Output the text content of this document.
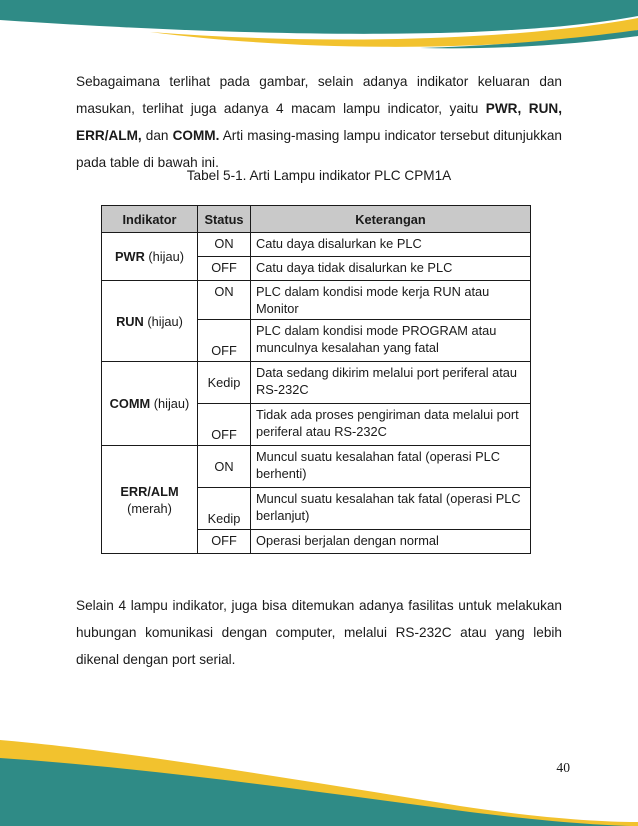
Sebagaimana terlihat pada gambar, selain adanya indikator keluaran dan masukan, terlihat juga adanya 4 macam lampu indicator, yaitu PWR, RUN, ERR/ALM, dan COMM. Arti masing-masing lampu indicator tersebut ditunjukkan pada table di bawah ini.

Tabel 5-1. Arti Lampu indikator PLC CPM1A

Indikator	Status	Keterangan
PWR (hijau)	ON	Catu daya disalurkan ke PLC
	OFF	Catu daya tidak disalurkan ke PLC
RUN (hijau)	ON	PLC dalam kondisi mode kerja RUN atau Monitor
	OFF	PLC dalam kondisi mode PROGRAM atau munculnya kesalahan yang fatal
COMM (hijau)	Kedip	Data sedang dikirim melalui port periferal atau RS-232C
	OFF	Tidak ada proses pengiriman data melalui port periferal atau RS-232C
ERR/ALM
(merah)	ON	Muncul suatu kesalahan fatal (operasi PLC berhenti)
	Kedip	Muncul suatu kesalahan tak fatal (operasi PLC berlanjut)
	OFF	Operasi berjalan dengan normal

Selain 4 lampu indikator, juga bisa ditemukan adanya fasilitas untuk melakukan hubungan komunikasi dengan computer, melalui RS-232C atau yang lebih dikenal dengan port serial.

40
